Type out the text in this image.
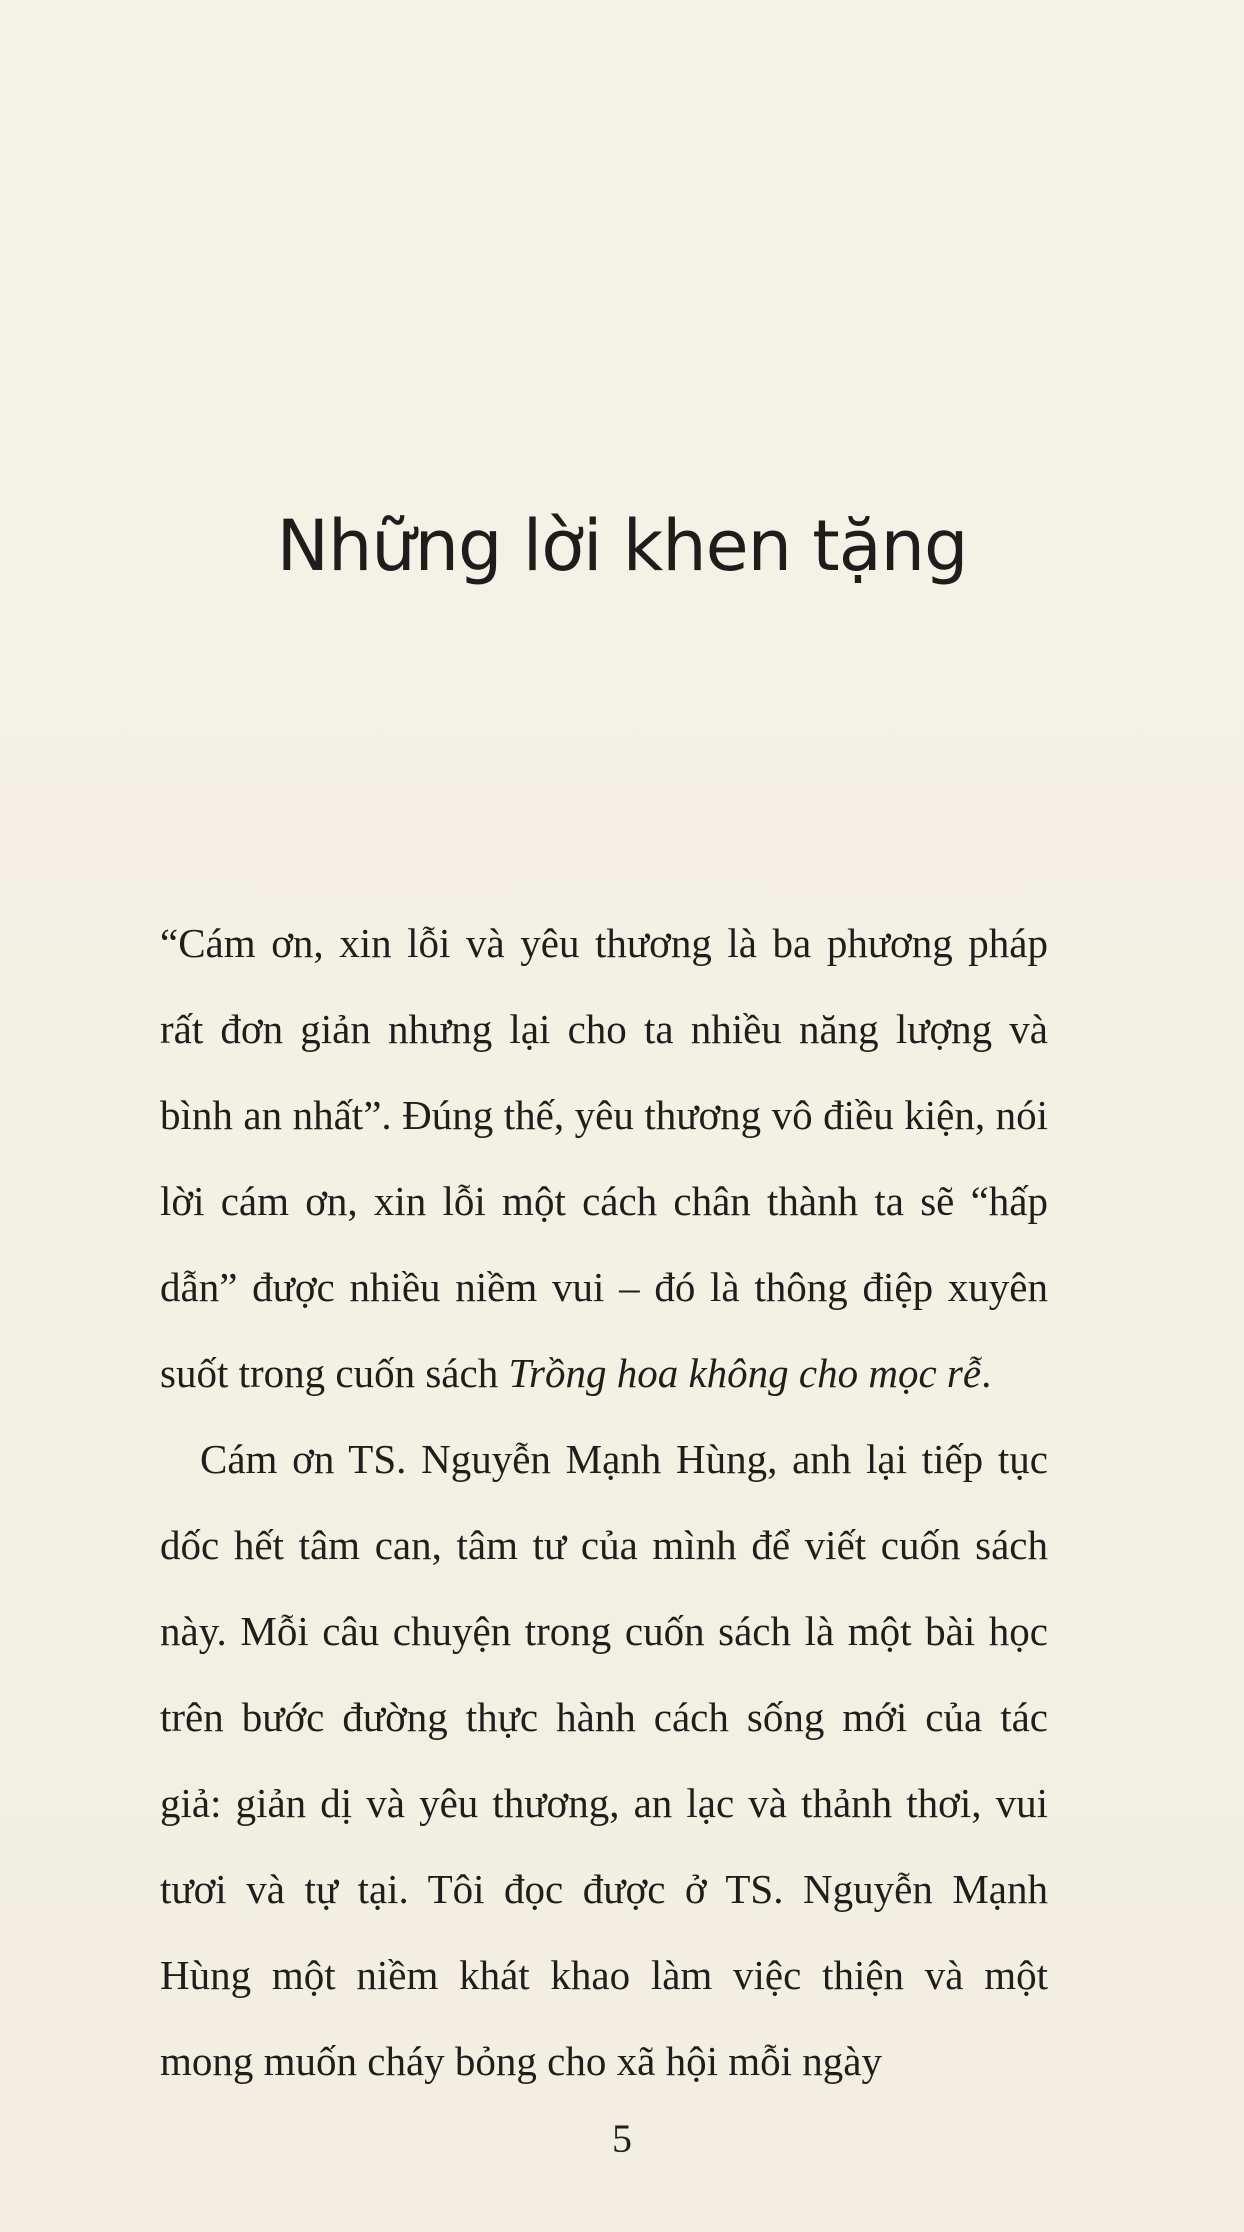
Những lời khen tặng

“Cám ơn, xin lỗi và yêu thương là ba phương pháp rất đơn giản nhưng lại cho ta nhiều năng lượng và bình an nhất”. Đúng thế, yêu thương vô điều kiện, nói lời cám ơn, xin lỗi một cách chân thành ta sẽ “hấp dẫn” được nhiều niềm vui – đó là thông điệp xuyên suốt trong cuốn sách Trồng hoa không cho mọc rễ.

Cám ơn TS. Nguyễn Mạnh Hùng, anh lại tiếp tục dốc hết tâm can, tâm tư của mình để viết cuốn sách này. Mỗi câu chuyện trong cuốn sách là một bài học trên bước đường thực hành cách sống mới của tác giả: giản dị và yêu thương, an lạc và thảnh thơi, vui tươi và tự tại. Tôi đọc được ở TS. Nguyễn Mạnh Hùng một niềm khát khao làm việc thiện và một mong muốn cháy bỏng cho xã hội mỗi ngày

5
